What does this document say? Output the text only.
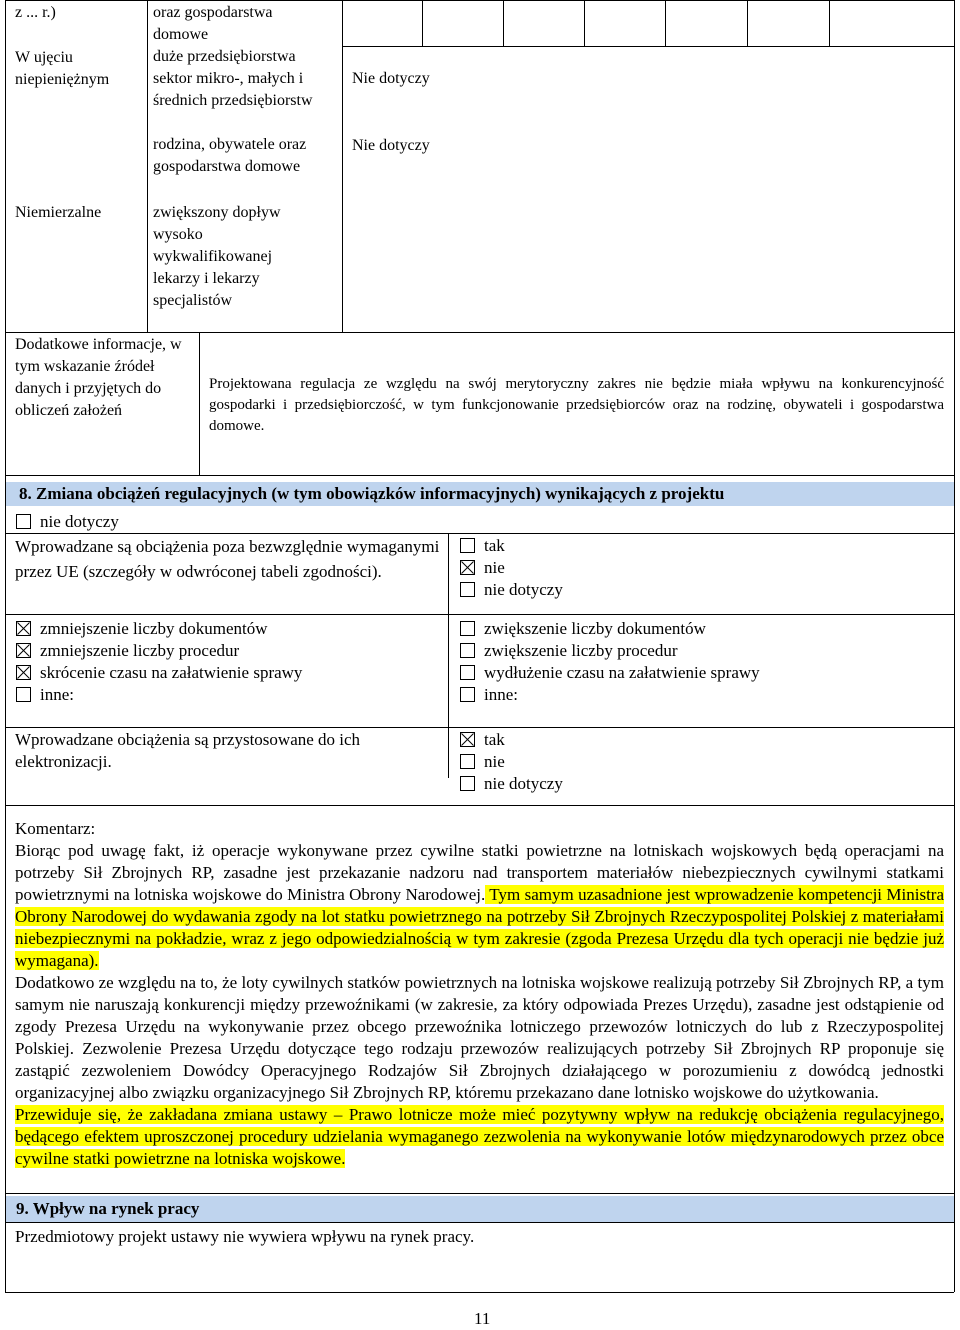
z ... r.)
W ujęciu niepieniężnym
Niemierzalne
oraz gospodarstwa domowe
duże przedsiębiorstwa
sektor mikro-, małych i średnich przedsiębiorstw
rodzina, obywatele oraz gospodarstwa domowe
zwiększony dopływ wysoko wykwalifikowanej lekarzy i lekarzy specjalistów
Nie dotyczy
Nie dotyczy
Dodatkowe informacje, w tym wskazanie źródeł danych i przyjętych do obliczeń założeń
Projektowana regulacja ze względu na swój merytoryczny zakres nie będzie miała wpływu na konkurencyjność gospodarki i przedsiębiorczość, w tym funkcjonowanie przedsiębiorców oraz na rodzinę, obywateli i gospodarstwa domowe.
8. Zmiana obciążeń regulacyjnych (w tym obowiązków informacyjnych) wynikających z projektu
nie dotyczy
Wprowadzane są obciążenia poza bezwzględnie wymaganymi przez UE (szczegóły w odwróconej tabeli zgodności).
tak
nie
nie dotyczy
zmniejszenie liczby dokumentów
zmniejszenie liczby procedur
skrócenie czasu na załatwienie sprawy
inne:
zwiększenie liczby dokumentów
zwiększenie liczby procedur
wydłużenie czasu na załatwienie sprawy
inne:
Wprowadzane obciążenia są przystosowane do ich elektronizacji.
tak
nie
nie dotyczy
Komentarz:
Biorąc pod uwagę fakt, iż operacje wykonywane przez cywilne statki powietrzne na lotniskach wojskowych będą operacjami na potrzeby Sił Zbrojnych RP, zasadne jest przekazanie nadzoru nad transportem materiałów niebezpiecznych cywilnymi statkami powietrznymi na lotniska wojskowe do Ministra Obrony Narodowej. Tym samym uzasadnione jest wprowadzenie kompetencji Ministra Obrony Narodowej do wydawania zgody na lot statku powietrznego na potrzeby Sił Zbrojnych Rzeczypospolitej Polskiej z materiałami niebezpiecznymi na pokładzie, wraz z jego odpowiedzialnością w tym zakresie (zgoda Prezesa Urzędu dla tych operacji nie będzie już wymagana).
Dodatkowo ze względu na to, że loty cywilnych statków powietrznych na lotniska wojskowe realizują potrzeby Sił Zbrojnych RP, a tym samym nie naruszają konkurencji między przewoźnikami (w zakresie, za który odpowiada Prezes Urzędu), zasadne jest odstąpienie od zgody Prezesa Urzędu na wykonywanie przez obcego przewoźnika lotniczego przewozów lotniczych do lub z Rzeczypospolitej Polskiej. Zezwolenie Prezesa Urzędu dotyczące tego rodzaju przewozów realizujących potrzeby Sił Zbrojnych RP proponuje się zastąpić zezwoleniem Dowódcy Operacyjnego Rodzajów Sił Zbrojnych działającego w porozumieniu z dowódcą jednostki organizacyjnej albo związku organizacyjnego Sił Zbrojnych RP, któremu przekazano dane lotnisko wojskowe do użytkowania.
Przewiduje się, że zakładana zmiana ustawy – Prawo lotnicze może mieć pozytywny wpływ na redukcję obciążenia regulacyjnego, będącego efektem uproszczonej procedury udzielania wymaganego zezwolenia na wykonywanie lotów międzynarodowych przez obce cywilne statki powietrzne na lotniska wojskowe.
9. Wpływ na rynek pracy
Przedmiotowy projekt ustawy nie wywiera wpływu na rynek pracy.
11
